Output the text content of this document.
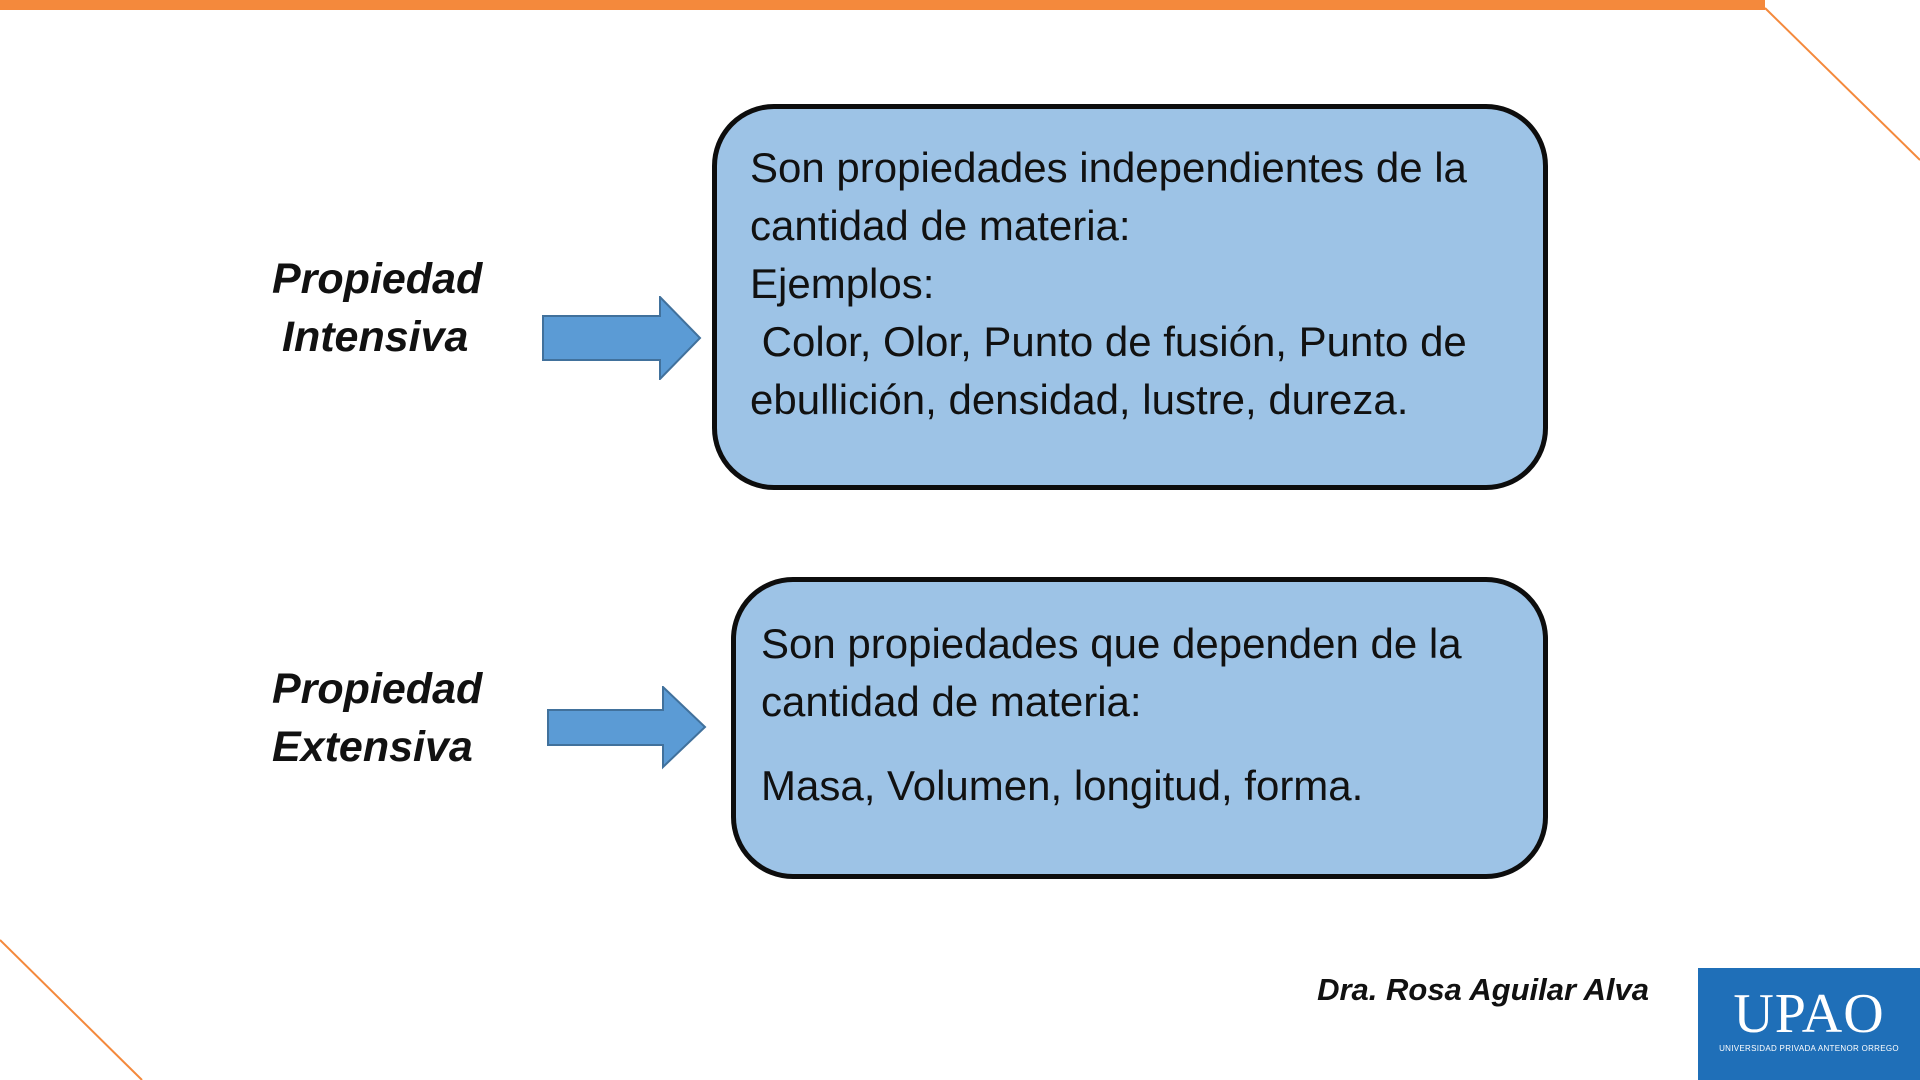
Propiedad
Intensiva

Son propiedades independientes de la

cantidad de materia:

Ejemplos:

Color, Olor, Punto de fusión, Punto de

ebullición, densidad, lustre, dureza.

Propiedad
Extensiva

Son propiedades que dependen de la

cantidad de materia:

Masa, Volumen, longitud, forma.

Dra. Rosa Aguilar Alva	UPAO
UNIVERSIDAD PRIVADA ANTENOR ORREGO
